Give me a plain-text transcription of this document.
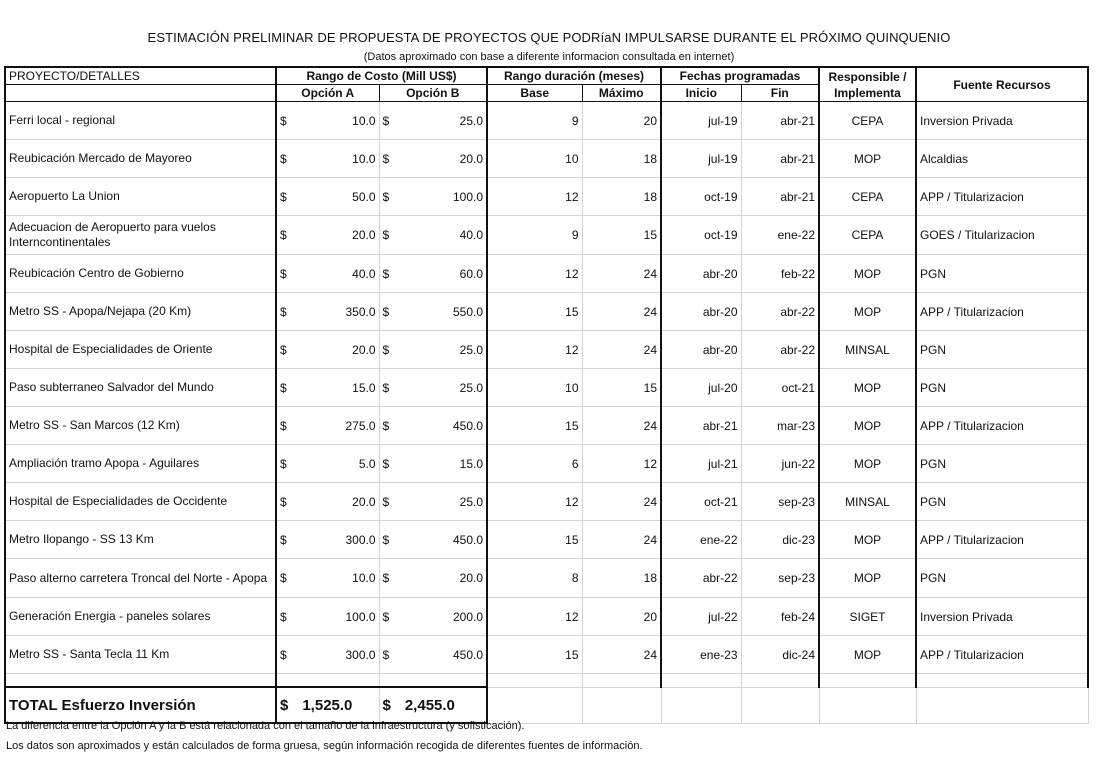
ESTIMACIÓN PRELIMINAR DE PROPUESTA DE PROYECTOS QUE PODRíaN IMPULSARSE DURANTE EL PRÓXIMO QUINQUENIO
(Datos aproximado con base a diferente informacion consultada en internet)
PROYECTO/DETALLES	Rango de Costo (Mill US$)		Rango duración (meses)		Fechas programadas		Responsible / Implementa	Fuente Recursos
	Opción A	Opción B	Base	Máximo	Inicio	Fin		
Ferri local - regional	$ 10.0	$ 25.0	9	20	jul-19	abr-21	CEPA	Inversion Privada
Reubicación Mercado de Mayoreo	$ 10.0	$ 20.0	10	18	jul-19	abr-21	MOP	Alcaldias
Aeropuerto La Union	$ 50.0	$ 100.0	12	18	oct-19	abr-21	CEPA	APP / Titularizacion
Adecuacion de Aeropuerto para vuelos Interncontinentales	$ 20.0	$ 40.0	9	15	oct-19	ene-22	CEPA	GOES / Titularizacion
Reubicación Centro de Gobierno	$ 40.0	$ 60.0	12	24	abr-20	feb-22	MOP	PGN
Metro SS - Apopa/Nejapa (20 Km)	$ 350.0	$ 550.0	15	24	abr-20	abr-22	MOP	APP / Titularizacion
Hospital de Especialidades de Oriente	$ 20.0	$ 25.0	12	24	abr-20	abr-22	MINSAL	PGN
Paso subterraneo Salvador del Mundo	$ 15.0	$ 25.0	10	15	jul-20	oct-21	MOP	PGN
Metro SS - San Marcos (12 Km)	$ 275.0	$ 450.0	15	24	abr-21	mar-23	MOP	APP / Titularizacion
Ampliación tramo Apopa - Aguilares	$ 5.0	$ 15.0	6	12	jul-21	jun-22	MOP	PGN
Hospital de Especialidades de Occidente	$ 20.0	$ 25.0	12	24	oct-21	sep-23	MINSAL	PGN
Metro Ilopango - SS 13 Km	$ 300.0	$ 450.0	15	24	ene-22	dic-23	MOP	APP / Titularizacion
Paso alterno carretera Troncal del Norte - Apopa	$ 10.0	$ 20.0	8	18	abr-22	sep-23	MOP	PGN
Generación Energia - paneles solares	$ 100.0	$ 200.0	12	20	jul-22	feb-24	SIGET	Inversion Privada
Metro SS - Santa Tecla 11 Km	$ 300.0	$ 450.0	15	24	ene-23	dic-24	MOP	APP / Titularizacion

TOTAL Esfuerzo Inversión	$ 1,525.0	$ 2,455.0						

La diferencia entre la Opción A y la B está relacionada con el tamaño de la infraestructura (y sofisticación).
Los datos son aproximados y están calculados de forma gruesa, según información recogida de diferentes fuentes de información.
